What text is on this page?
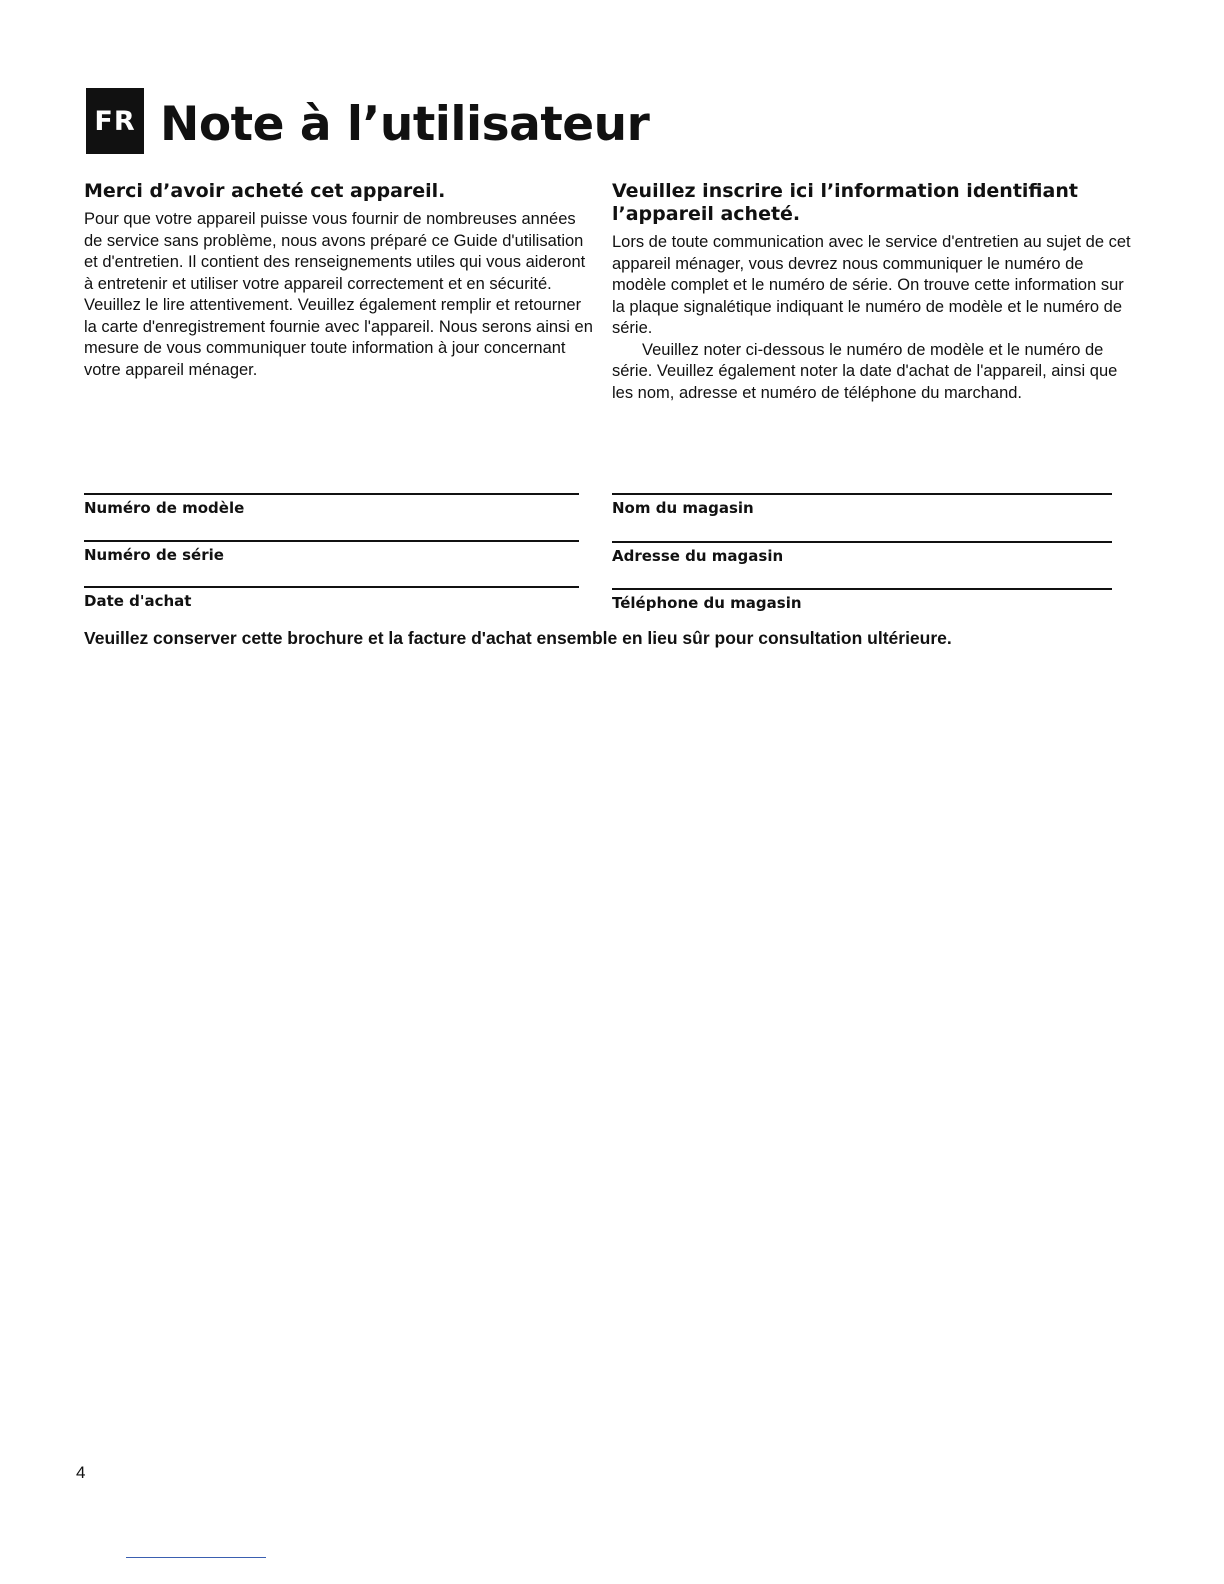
FR Note à l’utilisateur
Merci d’avoir acheté cet appareil.

Pour que votre appareil puisse vous fournir de nombreuses années de service sans problème, nous avons préparé ce Guide d'utilisation et d'entretien. Il contient des renseignements utiles qui vous aideront à entretenir et utiliser votre appareil correctement et en sécurité. Veuillez le lire attentivement. Veuillez également remplir et retourner la carte d'enregistrement fournie avec l'appareil. Nous serons ainsi en mesure de vous communiquer toute information à jour concernant votre appareil ménager.

Veuillez inscrire ici l’information identifiant l’appareil acheté.

Lors de toute communication avec le service d'entretien au sujet de cet appareil ménager, vous devrez nous communiquer le numéro de modèle complet et le numéro de série. On trouve cette information sur la plaque signalétique indiquant le numéro de modèle et le numéro de série.

Veuillez noter ci-dessous le numéro de modèle et le numéro de série. Veuillez également noter la date d'achat de l'appareil, ainsi que les nom, adresse et numéro de téléphone du marchand.

Numéro de modèle
Numéro de série
Date d'achat
Nom du magasin
Adresse du magasin
Téléphone du magasin
Veuillez conserver cette brochure et la facture d'achat ensemble en lieu sûr pour consultation ultérieure.
4
